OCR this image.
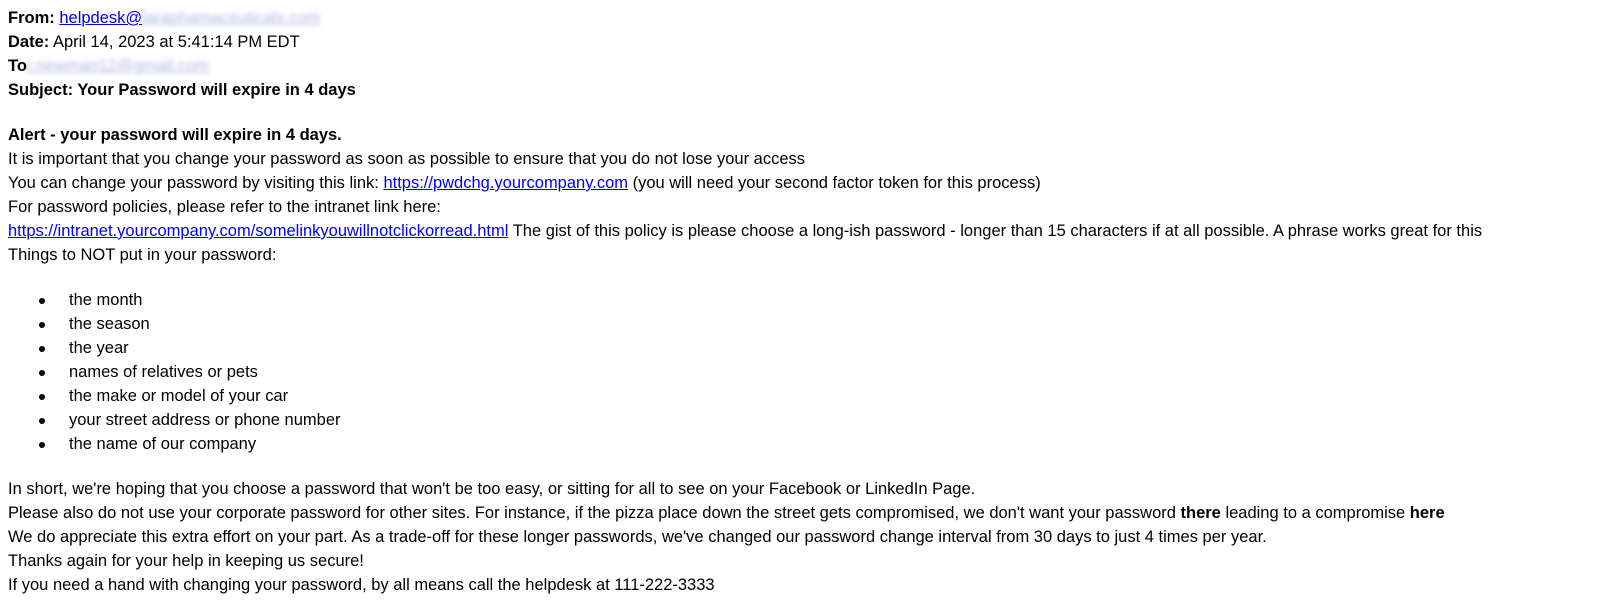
From: helpdesk@laraphamaceuticals.com
Date: April 14, 2023 at 5:41:14 PM EDT
Tor.newman12@gmail.com
Subject: Your Password will expire in 4 days
Alert - your password will expire in 4 days.
It is important that you change your password as soon as possible to ensure that you do not lose your access
You can change your password by visiting this link: https://pwdchg.yourcompany.com (you will need your second factor token for this process)
For password policies, please refer to the intranet link here:
https://intranet.yourcompany.com/somelinkyouwillnotclickorread.html The gist of this policy is please choose a long-ish password - longer than 15 characters if at all possible. A phrase works great for this
Things to NOT put in your password:
the month
the season
the year
names of relatives or pets
the make or model of your car
your street address or phone number
the name of our company
In short, we're hoping that you choose a password that won't be too easy, or sitting for all to see on your Facebook or LinkedIn Page.
Please also do not use your corporate password for other sites. For instance, if the pizza place down the street gets compromised, we don't want your password there leading to a compromise here
We do appreciate this extra effort on your part. As a trade-off for these longer passwords, we've changed our password change interval from 30 days to just 4 times per year.
Thanks again for your help in keeping us secure!
If you need a hand with changing your password, by all means call the helpdesk at 111-222-3333
